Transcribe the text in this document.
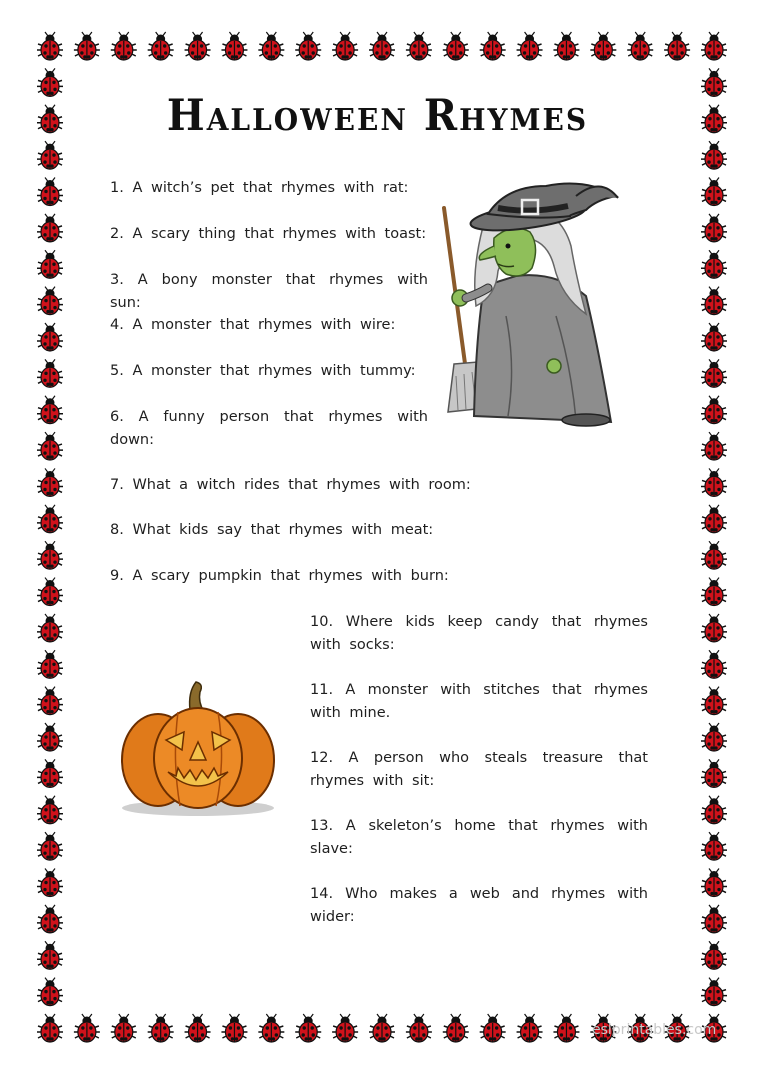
Halloween Rhymes
1. A witch’s pet that rhymes with rat:
2. A scary thing that rhymes with toast:
3. A bony monster that rhymes with sun:
4. A monster that rhymes with wire:
5. A monster that rhymes with tummy:
6. A funny person that rhymes with down:
7. What a witch rides that rhymes with room:
8. What kids say that rhymes with meat:
9. A scary pumpkin that rhymes with burn:
10. Where kids keep candy that rhymes with socks:
11. A monster with stitches that rhymes with mine.
12. A person who steals treasure that rhymes with sit:
13. A skeleton’s home that rhymes with slave:
14. Who makes a web and rhymes with wider:
eslprintables.com
